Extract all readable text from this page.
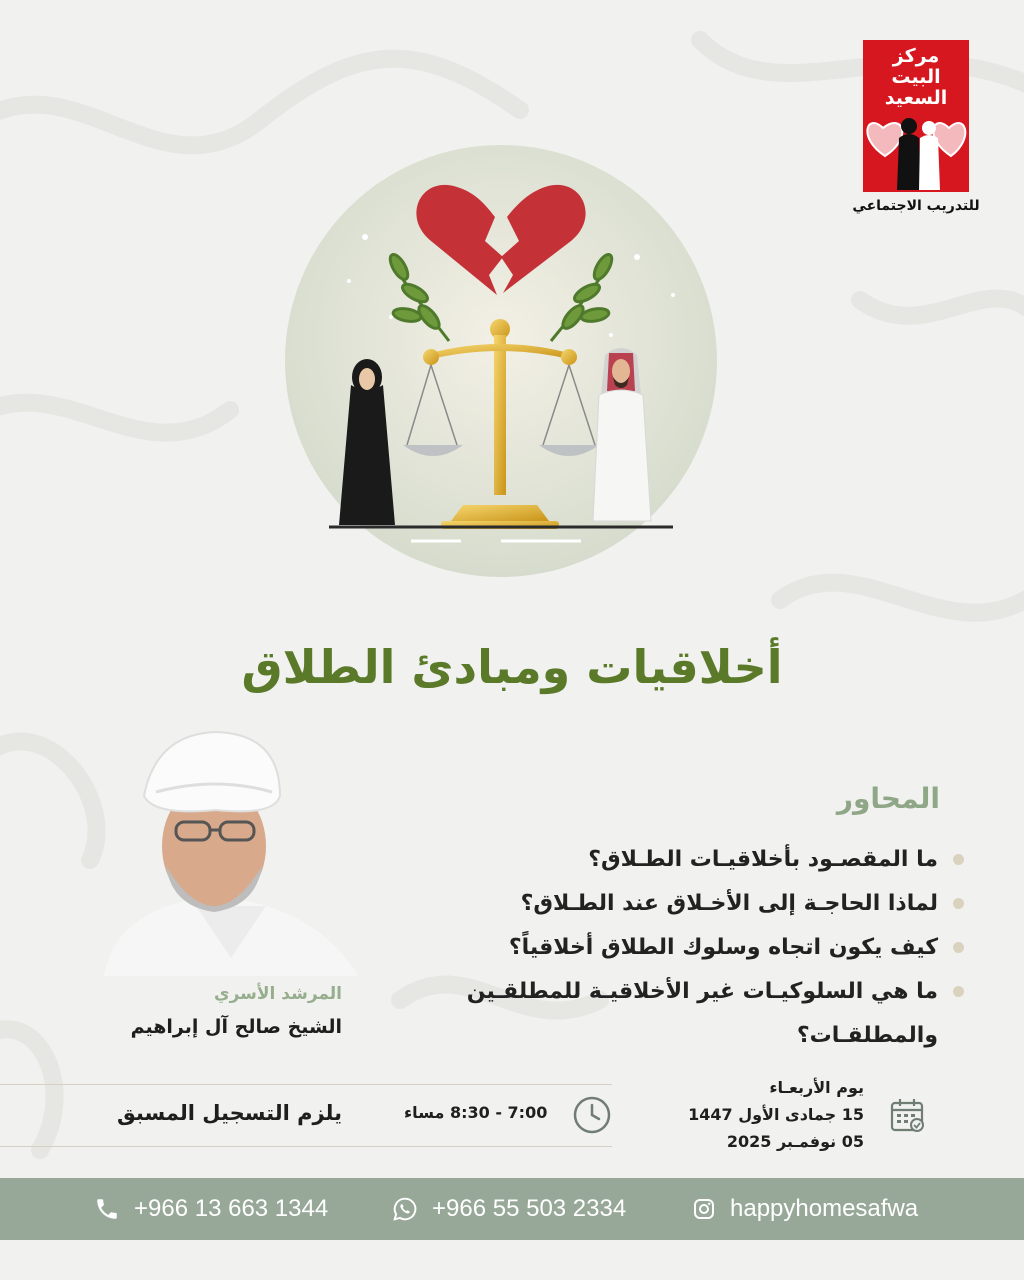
مركز
البيت السعيد
للتدريب الاجتماعي
أخلاقيات ومبادئ الطلاق
المرشد الأسري
الشيخ صالح آل إبراهيم
المحاور
ما المقصـود بأخلاقيـات الطـلاق؟
لماذا الحاجـة إلى الأخـلاق عند الطـلاق؟
كيف يكون اتجاه وسلوك الطلاق أخلاقياً؟
ما هي السلوكيـات غير الأخلاقيـة للمطلقـين والمطلقـات؟
يلزم التسجيل المسبق	7:00 - 8:30 مساء
يوم الأربعـاء
15 جمادى الأول 1447
05 نوفمـبر 2025
+966 13 663 1344	+966 55 503 2334	happyhomesafwa
